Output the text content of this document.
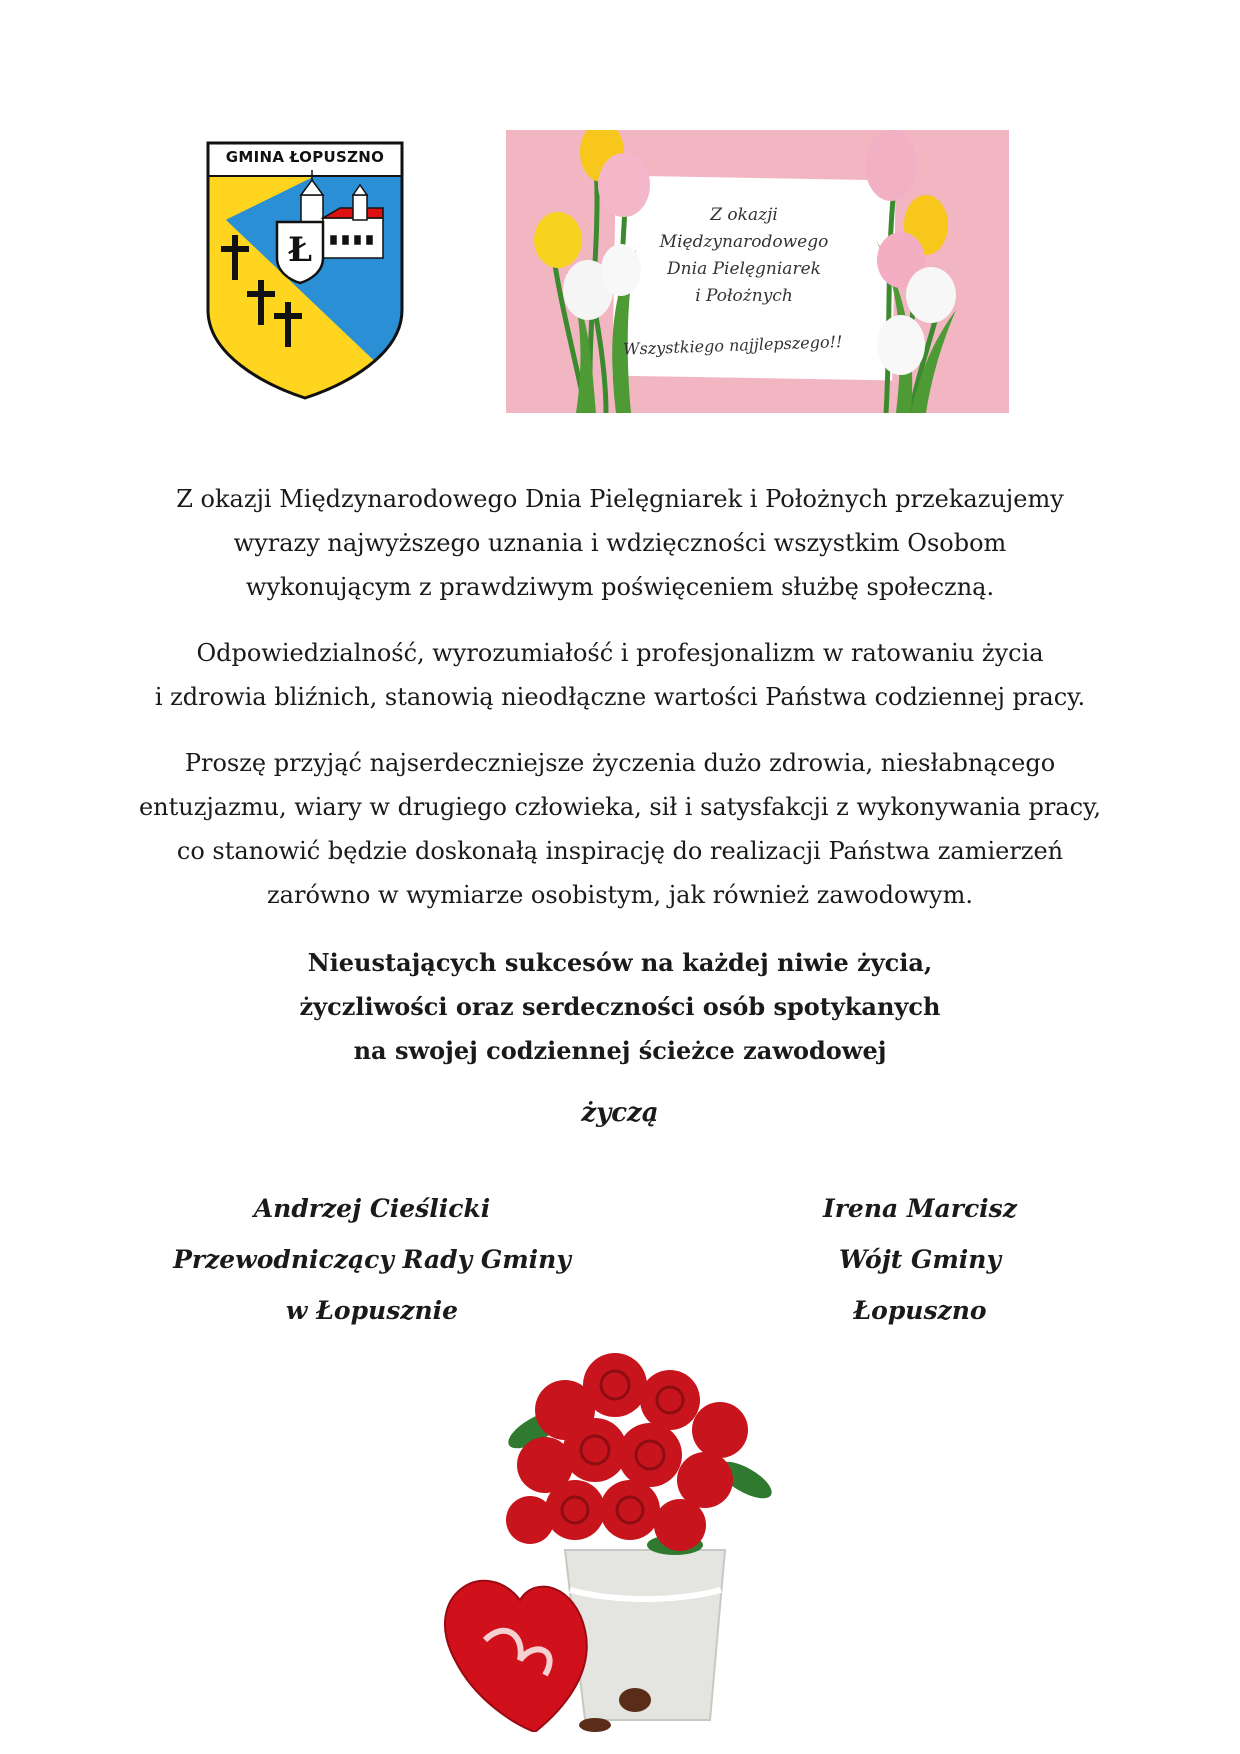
GMINA ŁOPUSZNO
Ł
Z okazji
Międzynarodowego
Dnia Pielęgniarek
i Położnych
Wszystkiego najjlepszego!!
Z okazji Międzynarodowego Dnia Pielęgniarek i Położnych przekazujemy
wyrazy najwyższego uznania i wdzięczności wszystkim Osobom
wykonującym z prawdziwym poświęceniem służbę społeczną.
Odpowiedzialność, wyrozumiałość i profesjonalizm w ratowaniu życia
i zdrowia bliźnich, stanowią nieodłączne wartości Państwa codziennej pracy.
Proszę przyjąć najserdeczniejsze życzenia dużo zdrowia, niesłabnącego
entuzjazmu, wiary w drugiego człowieka, sił i satysfakcji z wykonywania pracy,
co stanowić będzie doskonałą inspirację do realizacji Państwa zamierzeń
zarówno w wymiarze osobistym, jak również zawodowym.
Nieustających sukcesów na każdej niwie życia,
życzliwości oraz serdeczności osób spotykanych
na swojej codziennej ścieżce zawodowej
życzą
Andrzej Cieślicki
Przewodniczący Rady Gminy
w Łopusznie
Irena Marcisz
Wójt Gminy
Łopuszno
